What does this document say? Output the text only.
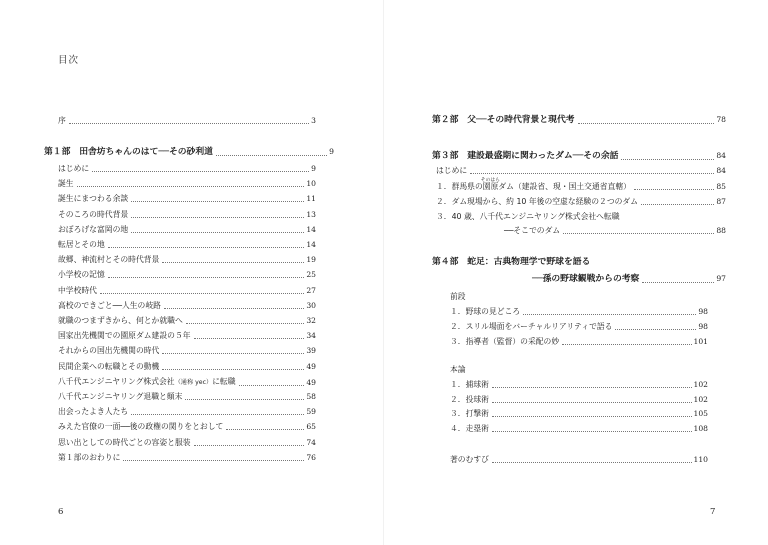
目次
序	3
第１部　田舎坊ちゃんのはて──その砂利道	9
はじめに	9
誕生	10
誕生にまつわる余談	11
そのころの時代背景	13
おぼろげな富岡の地	14
転居とその地	14
故郷、神流村とその時代背景	19
小学校の記憶	25
中学校時代	27
高校のできごと──人生の岐路	30
就職のつまずきから、何とか就職へ	32
国家出先機関での園原ダム建設の５年	34
それからの国出先機関の時代	39
民間企業への転職とその動機	49
八千代エンジニヤリング株式会社（通称 yec）に転職	49
八千代エンジニヤリング退職と顛末	58
出会ったよき人たち	59
みえた官僚の一面──後の政権の関りをとおして	65
思い出としての時代ごとの容姿と服装	74
第１部のおわりに	76
6
第２部　父──その時代背景と現代考	78
第３部　建設最盛期に関わったダム──その余話	84
はじめに	84
１．群馬県の園原
そのはら
ダム（建設省、現・国土交通省直轄）	85
２．ダム現場から、約 10 年後の空虚な経験の２つのダム	87
３．40 歳、八千代エンジニヤリング株式会社へ転職
──そこでのダム	88
第４部　蛇足：古典物理学で野球を語る
──孫の野球観戦からの考察	97
前段
１．野球の見どころ	98
２．スリル場面をバーチャルリアリティで語る	98
３．指導者（監督）の采配の妙	101
本論
１．捕球術	102
２．投球術	102
３．打撃術	105
４．走塁術	108
著のむすび	110
7
